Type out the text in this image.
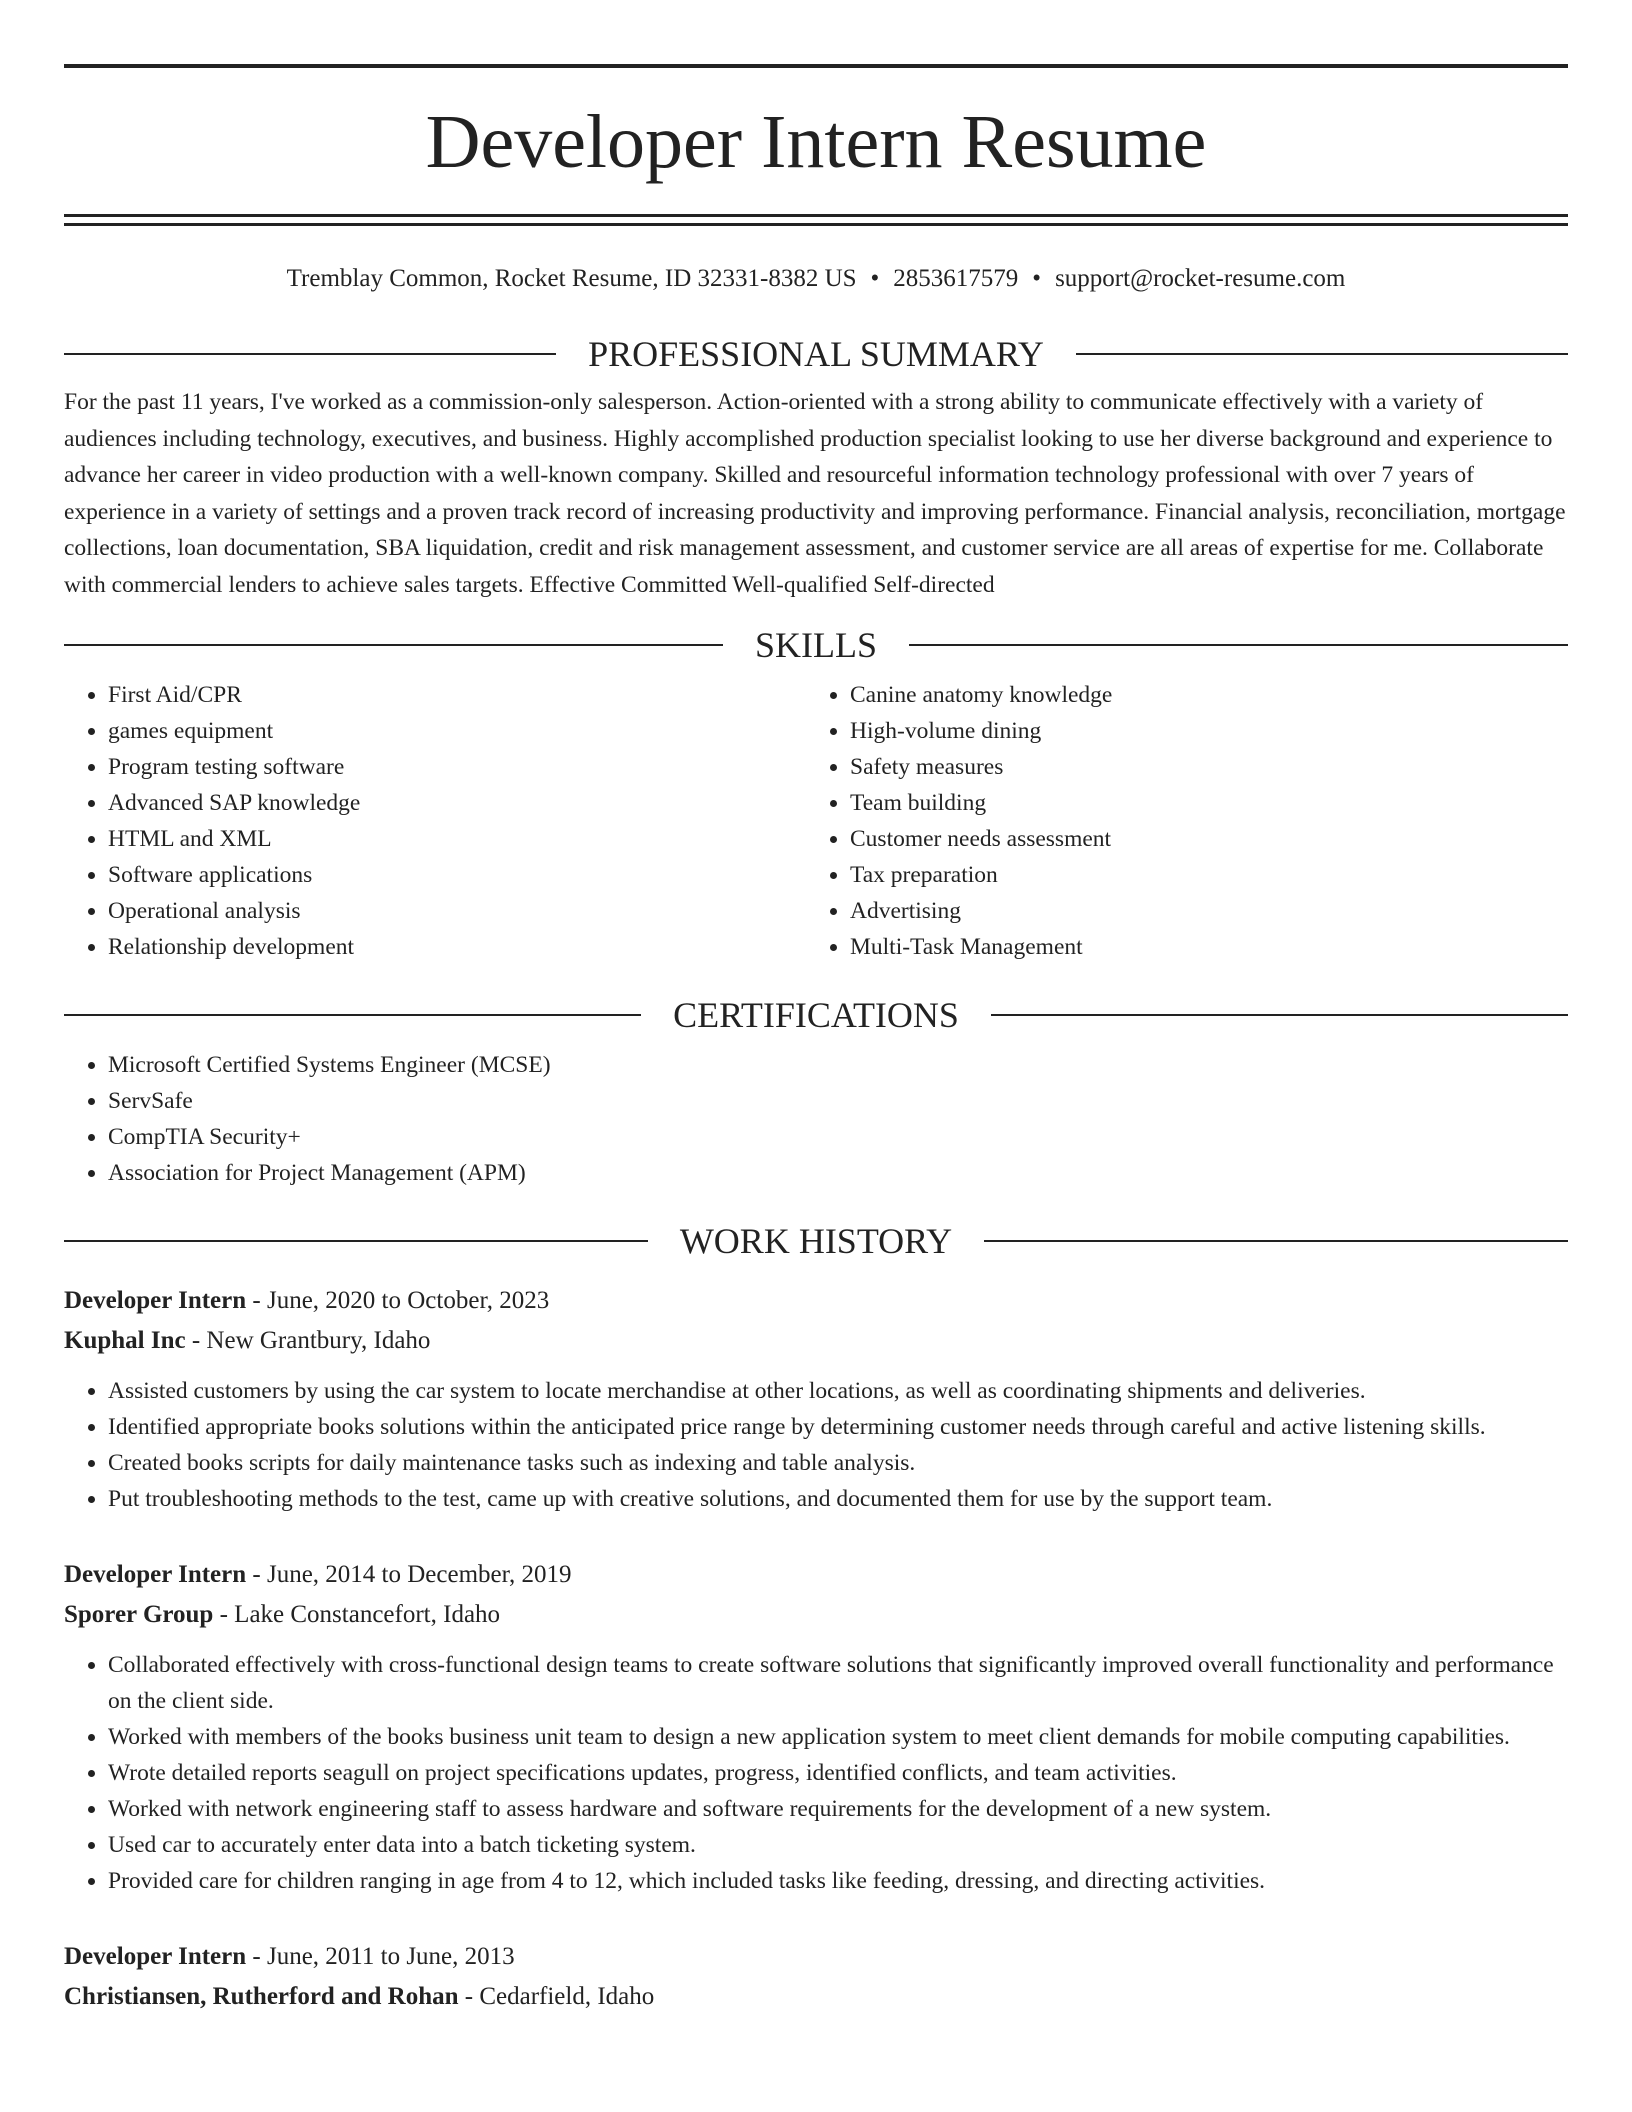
Developer Intern Resume
Tremblay Common, Rocket Resume, ID 32331-8382 US • 2853617579 • support@rocket-resume.com
PROFESSIONAL SUMMARY

For the past 11 years, I've worked as a commission-only salesperson. Action-oriented with a strong ability to communicate effectively with a variety of audiences including technology, executives, and business. Highly accomplished production specialist looking to use her diverse background and experience to advance her career in video production with a well-known company. Skilled and resourceful information technology professional with over 7 years of experience in a variety of settings and a proven track record of increasing productivity and improving performance. Financial analysis, reconciliation, mortgage collections, loan documentation, SBA liquidation, credit and risk management assessment, and customer service are all areas of expertise for me. Collaborate with commercial lenders to achieve sales targets. Effective Committed Well-qualified Self-directed

SKILLS
• First Aid/CPR
• games equipment
• Program testing software
• Advanced SAP knowledge
• HTML and XML
• Software applications
• Operational analysis
• Relationship development
• Canine anatomy knowledge
• High-volume dining
• Safety measures
• Team building
• Customer needs assessment
• Tax preparation
• Advertising
• Multi-Task Management
CERTIFICATIONS
• Microsoft Certified Systems Engineer (MCSE)
• ServSafe
• CompTIA Security+
• Association for Project Management (APM)
WORK HISTORY
Developer Intern - June, 2020 to October, 2023
Kuphal Inc - New Grantbury, Idaho
• Assisted customers by using the car system to locate merchandise at other locations, as well as coordinating shipments and deliveries.
• Identified appropriate books solutions within the anticipated price range by determining customer needs through careful and active listening skills.
• Created books scripts for daily maintenance tasks such as indexing and table analysis.
• Put troubleshooting methods to the test, came up with creative solutions, and documented them for use by the support team.
Developer Intern - June, 2014 to December, 2019
Sporer Group - Lake Constancefort, Idaho
• Collaborated effectively with cross-functional design teams to create software solutions that significantly improved overall functionality and performance on the client side.
• Worked with members of the books business unit team to design a new application system to meet client demands for mobile computing capabilities.
• Wrote detailed reports seagull on project specifications updates, progress, identified conflicts, and team activities.
• Worked with network engineering staff to assess hardware and software requirements for the development of a new system.
• Used car to accurately enter data into a batch ticketing system.
• Provided care for children ranging in age from 4 to 12, which included tasks like feeding, dressing, and directing activities.
Developer Intern - June, 2011 to June, 2013
Christiansen, Rutherford and Rohan - Cedarfield, Idaho
